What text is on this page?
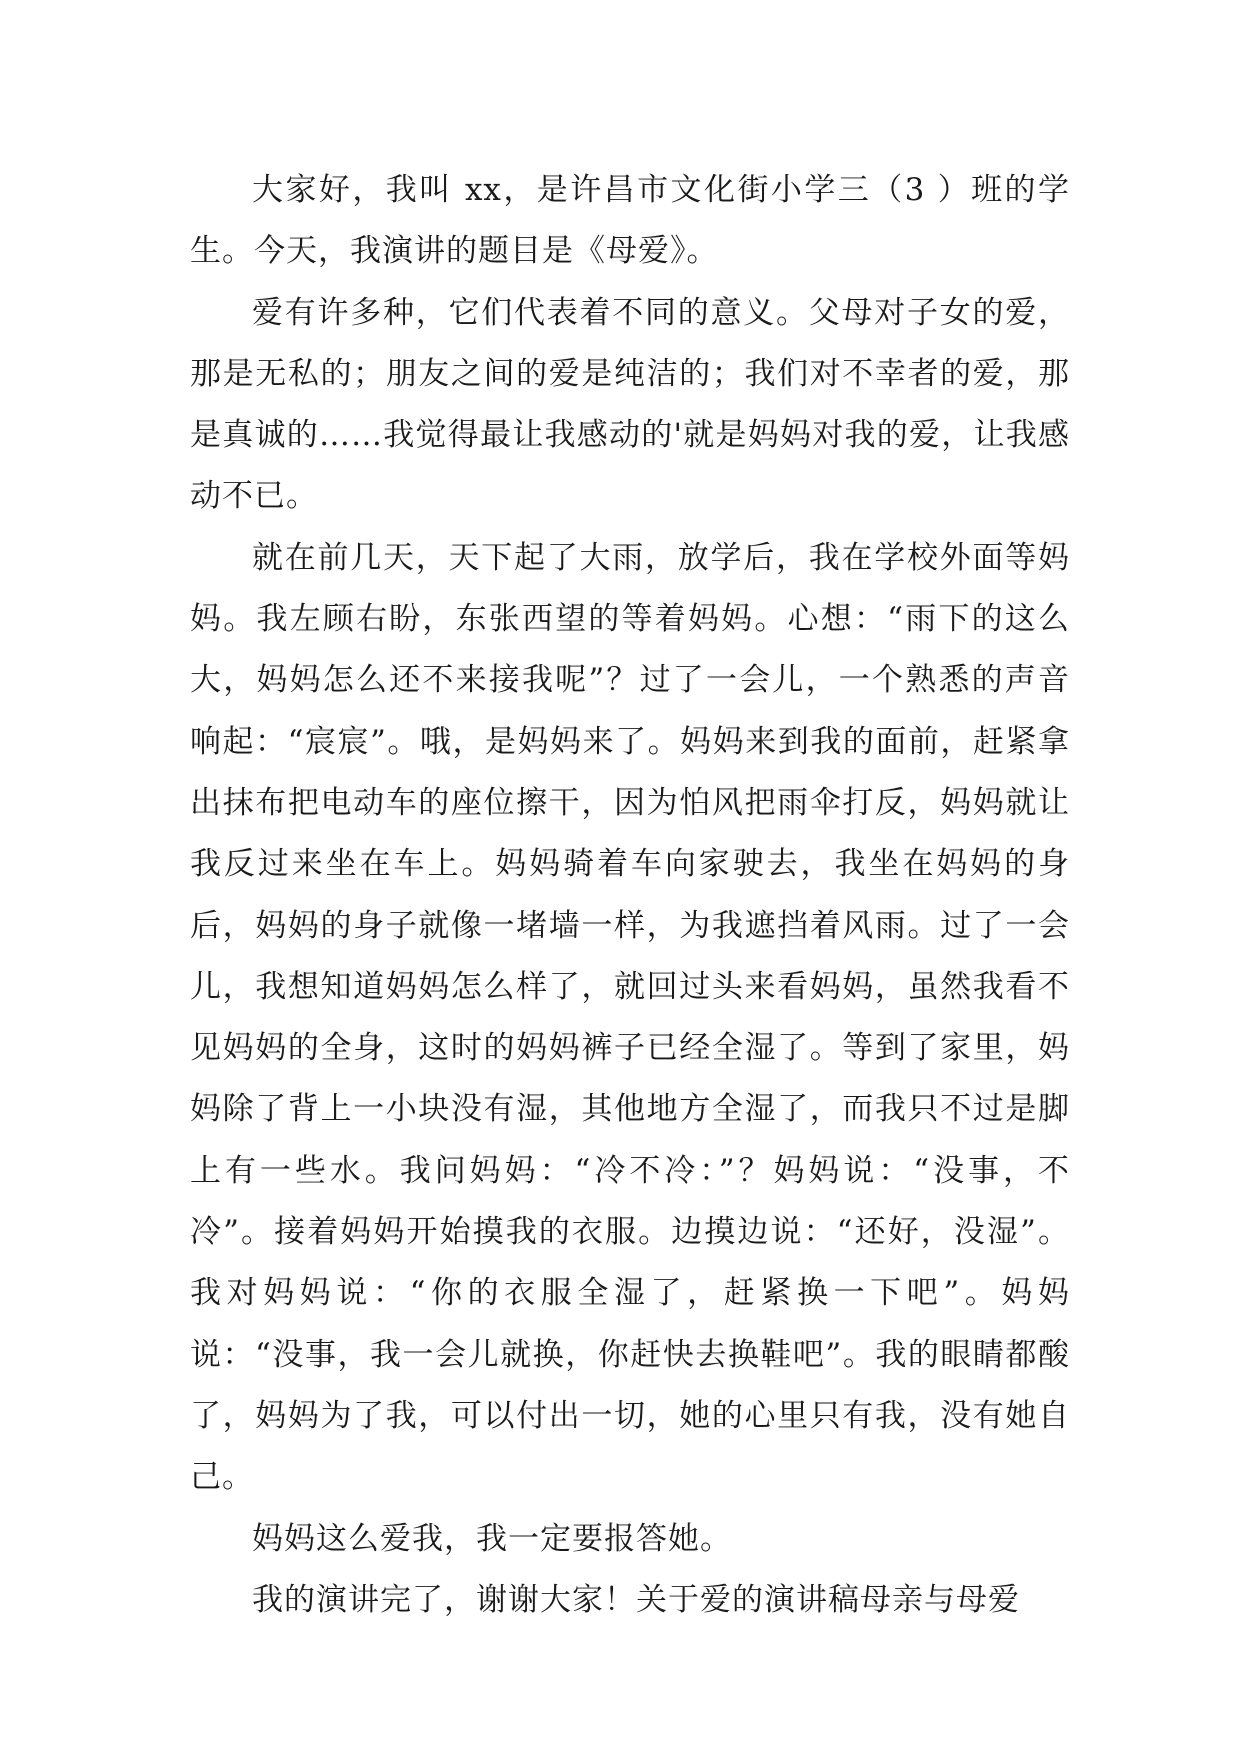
大家好，我叫 xx，是许昌市文化街小学三（3 ）班的学生。今天，我演讲的题目是《母爱》。

爱有许多种，它们代表着不同的意义。父母对子女的爱，那是无私的；朋友之间的爱是纯洁的；我们对不幸者的爱，那是真诚的……我觉得最让我感动的'就是妈妈对我的爱，让我感动不已。

就在前几天，天下起了大雨，放学后，我在学校外面等妈妈。我左顾右盼，东张西望的等着妈妈。心想：“雨下的这么大，妈妈怎么还不来接我呢”？过了一会儿，一个熟悉的声音响起：“宸宸”。哦，是妈妈来了。妈妈来到我的面前，赶紧拿出抹布把电动车的座位擦干，因为怕风把雨伞打反，妈妈就让我反过来坐在车上。妈妈骑着车向家驶去，我坐在妈妈的身后，妈妈的身子就像一堵墙一样，为我遮挡着风雨。过了一会儿，我想知道妈妈怎么样了，就回过头来看妈妈，虽然我看不见妈妈的全身，这时的妈妈裤子已经全湿了。等到了家里，妈妈除了背上一小块没有湿，其他地方全湿了，而我只不过是脚上有一些水。我问妈妈：“冷不冷：”？妈妈说：“没事，不冷”。接着妈妈开始摸我的衣服。边摸边说：“还好，没湿”。我对妈妈说：“你的衣服全湿了，赶紧换一下吧”。妈妈说：“没事，我一会儿就换，你赶快去换鞋吧”。我的眼睛都酸了，妈妈为了我，可以付出一切，她的心里只有我，没有她自己。

妈妈这么爱我，我一定要报答她。

我的演讲完了，谢谢大家！关于爱的演讲稿母亲与母爱
